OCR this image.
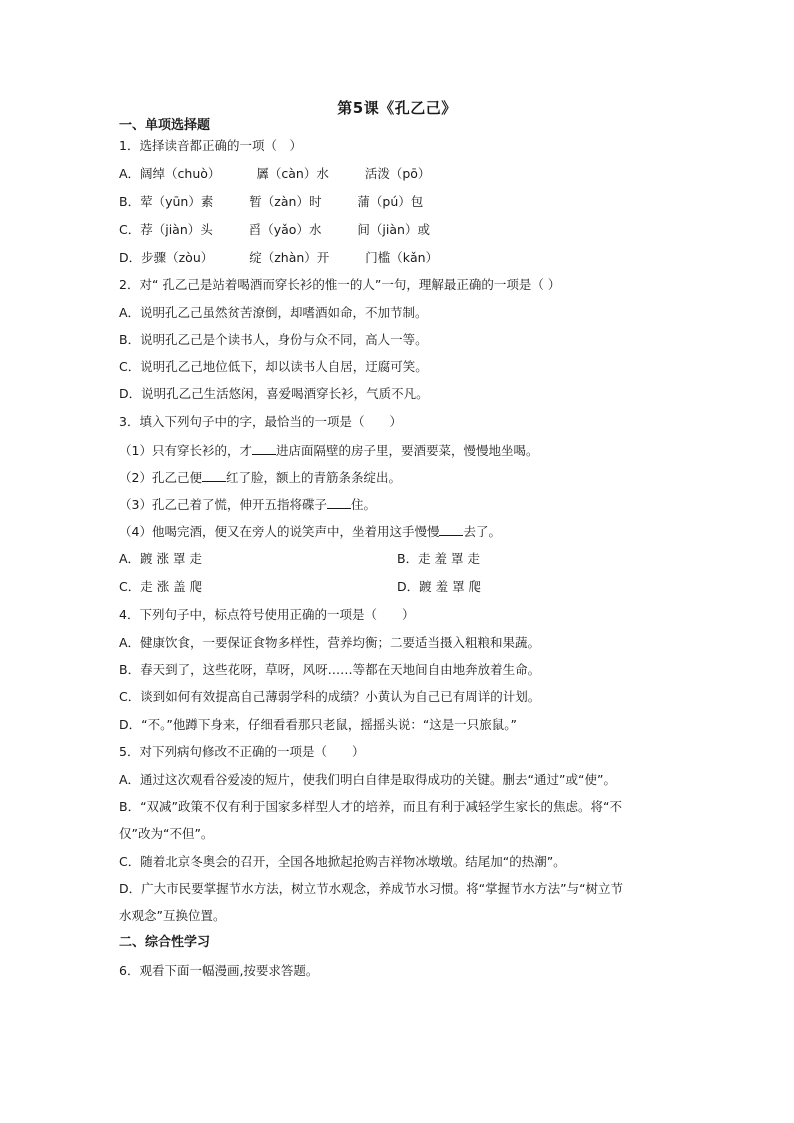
第5课《孔乙己》
一、单项选择题
1．选择读音都正确的一项（　）
A．阔绰（chuò）	羼（càn）水	活泼（pō）
B．荤（yūn）素	暂（zàn）时	蒲（pú）包
C．荐（jiàn）头	舀（yǎo）水	间（jiàn）或
D．步骤（zòu）	绽（zhàn）开	门槛（kǎn）
2．对“ 孔乙己是站着喝酒而穿长衫的惟一的人”一句，理解最正确的一项是（ ）
A．说明孔乙己虽然贫苦潦倒，却嗜酒如命，不加节制。
B．说明孔乙己是个读书人，身份与众不同，高人一等。
C．说明孔乙己地位低下，却以读书人自居，迂腐可笑。
D．说明孔乙己生活悠闲，喜爱喝酒穿长衫，气质不凡。
3．填入下列句子中的字，最恰当的一项是（　　）
（1）只有穿长衫的，才 进店面隔壁的房子里，要酒要菜，慢慢地坐喝。
（2）孔乙己便 红了脸，额上的青筋条条绽出。
（3）孔乙己着了慌，伸开五指将碟子 住。
（4）他喝完酒，便又在旁人的说笑声中，坐着用这手慢慢 去了。
A．踱 涨 罩 走	B．走 羞 罩 走
C．走 涨 盖 爬	D．踱 羞 罩 爬
4．下列句子中，标点符号使用正确的一项是（　　）
A．健康饮食，一要保证食物多样性，营养均衡；二要适当摄入粗粮和果蔬。
B．春天到了，这些花呀，草呀，风呀……等都在天地间自由地奔放着生命。
C．谈到如何有效提高自己薄弱学科的成绩？小黄认为自己已有周详的计划。
D．“不。”他蹲下身来，仔细看看那只老鼠，摇摇头说：“这是一只旅鼠。”
5．对下列病句修改不正确的一项是（　　）
A．通过这次观看谷爱凌的短片，使我们明白自律是取得成功的关键。删去“通过”或“使”。
B．“双减”政策不仅有利于国家多样型人才的培养，而且有利于减轻学生家长的焦虑。将“不
仅”改为“不但”。
C．随着北京冬奥会的召开，全国各地掀起抢购吉祥物冰墩墩。结尾加“的热潮”。
D．广大市民要掌握节水方法，树立节水观念，养成节水习惯。将“掌握节水方法”与“树立节
水观念”互换位置。
二、综合性学习
6．观看下面一幅漫画,按要求答题。
